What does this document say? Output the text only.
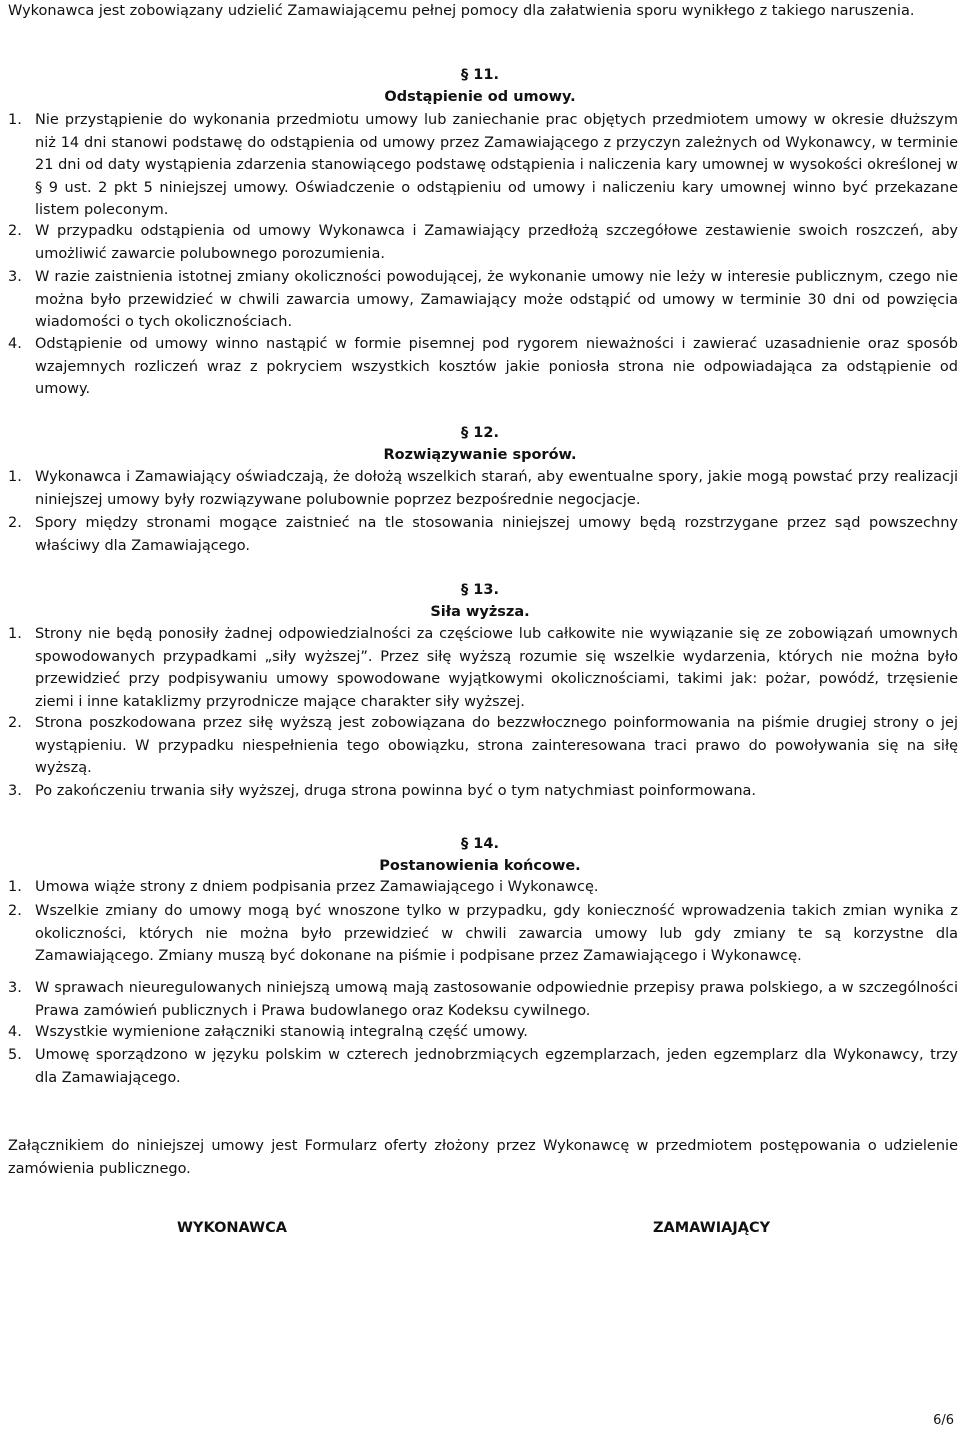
Wykonawca jest zobowiązany udzielić Zamawiającemu pełnej pomocy dla załatwienia sporu wynikłego z takiego naruszenia.
§ 11.
Odstąpienie od umowy.
1. Nie przystąpienie do wykonania przedmiotu umowy lub zaniechanie prac objętych przedmiotem umowy w okresie dłuższym niż 14 dni stanowi podstawę do odstąpienia od umowy przez Zamawiającego z przyczyn zależnych od Wykonawcy, w terminie 21 dni od daty wystąpienia zdarzenia stanowiącego podstawę odstąpienia i naliczenia kary umownej w wysokości określonej w § 9 ust. 2 pkt 5 niniejszej umowy. Oświadczenie o odstąpieniu od umowy i naliczeniu kary umownej winno być przekazane listem poleconym.
2. W przypadku odstąpienia od umowy Wykonawca i Zamawiający przedłożą szczegółowe zestawienie swoich roszczeń, aby umożliwić zawarcie polubownego porozumienia.
3. W razie zaistnienia istotnej zmiany okoliczności powodującej, że wykonanie umowy nie leży w interesie publicznym, czego nie można było przewidzieć w chwili zawarcia umowy, Zamawiający może odstąpić od umowy w terminie 30 dni od powzięcia wiadomości o tych okolicznościach.
4. Odstąpienie od umowy winno nastąpić w formie pisemnej pod rygorem nieważności i zawierać uzasadnienie oraz sposób wzajemnych rozliczeń wraz z pokryciem wszystkich kosztów jakie poniosła strona nie odpowiadająca za odstąpienie od umowy.
§ 12.
Rozwiązywanie sporów.
1. Wykonawca i Zamawiający oświadczają, że dołożą wszelkich starań, aby ewentualne spory, jakie mogą powstać przy realizacji niniejszej umowy były rozwiązywane polubownie poprzez bezpośrednie negocjacje.
2. Spory między stronami mogące zaistnieć na tle stosowania niniejszej umowy będą rozstrzygane przez sąd powszechny właściwy dla Zamawiającego.
§ 13.
Siła wyższa.
1. Strony nie będą ponosiły żadnej odpowiedzialności za częściowe lub całkowite nie wywiązanie się ze zobowiązań umownych spowodowanych przypadkami „siły wyższej”. Przez siłę wyższą rozumie się wszelkie wydarzenia, których nie można było przewidzieć przy podpisywaniu umowy spowodowane wyjątkowymi okolicznościami, takimi jak: pożar, powódź, trzęsienie ziemi i inne kataklizmy przyrodnicze mające charakter siły wyższej.
2. Strona poszkodowana przez siłę wyższą jest zobowiązana do bezzwłocznego poinformowania na piśmie drugiej strony o jej wystąpieniu. W przypadku niespełnienia tego obowiązku, strona zainteresowana traci prawo do powoływania się na siłę wyższą.
3. Po zakończeniu trwania siły wyższej, druga strona powinna być o tym natychmiast poinformowana.
§ 14.
Postanowienia końcowe.
1. Umowa wiąże strony z dniem podpisania przez Zamawiającego i Wykonawcę.
2. Wszelkie zmiany do umowy mogą być wnoszone tylko w przypadku, gdy konieczność wprowadzenia takich zmian wynika z okoliczności, których nie można było przewidzieć w chwili zawarcia umowy lub gdy zmiany te są korzystne dla Zamawiającego. Zmiany muszą być dokonane na piśmie i podpisane przez Zamawiającego i Wykonawcę.
3. W sprawach nieuregulowanych niniejszą umową mają zastosowanie odpowiednie przepisy prawa polskiego, a w szczególności Prawa zamówień publicznych i Prawa budowlanego oraz Kodeksu cywilnego.
4. Wszystkie wymienione załączniki stanowią integralną część umowy.
5. Umowę sporządzono w języku polskim w czterech jednobrzmiących egzemplarzach, jeden egzemplarz dla Wykonawcy, trzy dla Zamawiającego.
Załącznikiem do niniejszej umowy jest Formularz oferty złożony przez Wykonawcę w przedmiotem postępowania o udzielenie zamówienia publicznego.
WYKONAWCA	ZAMAWIAJĄCY
6/6
